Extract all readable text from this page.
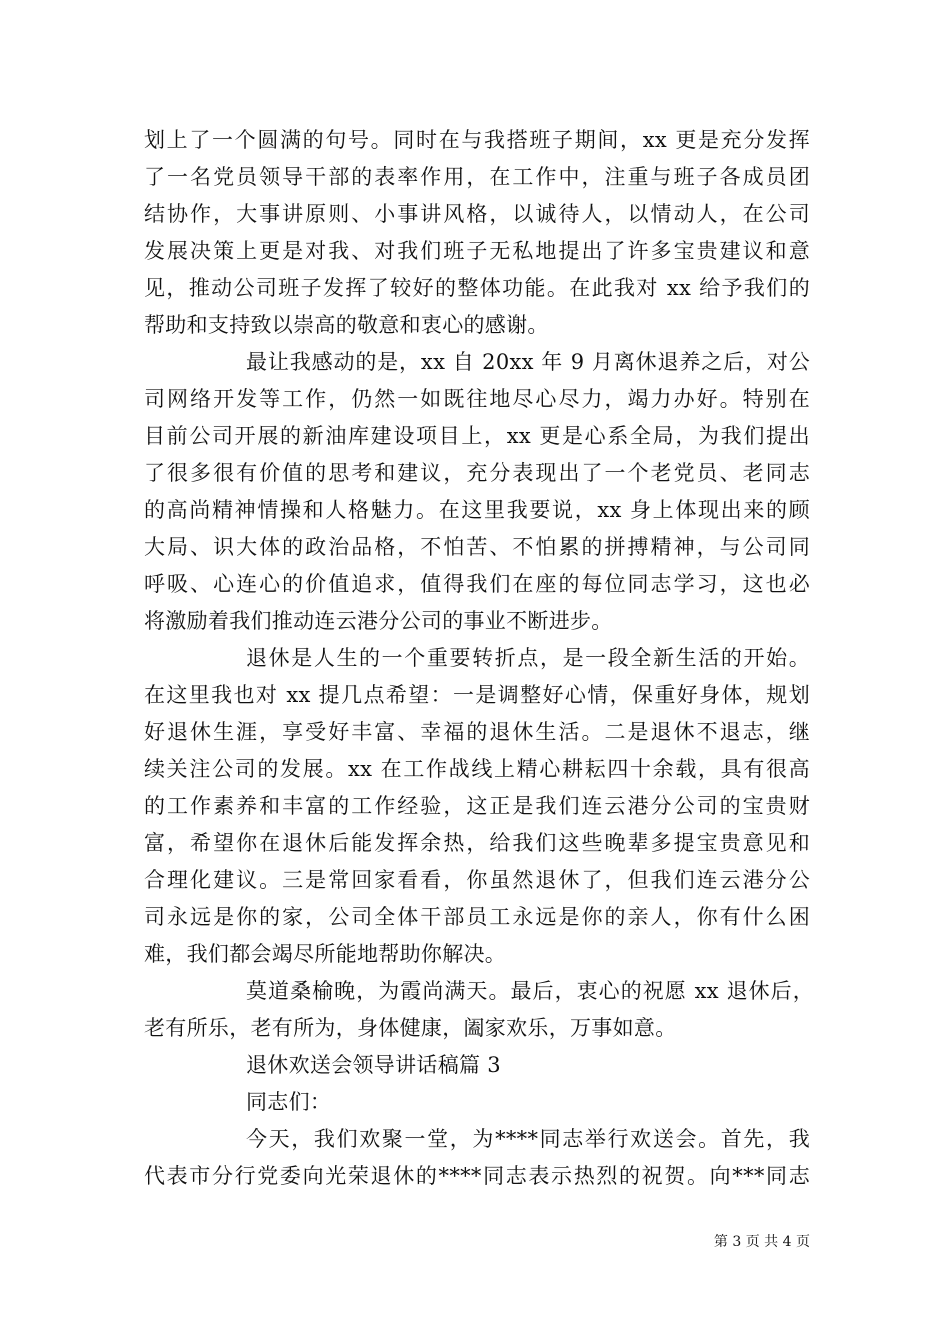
划上了一个圆满的句号。同时在与我搭班子期间，xx 更是充分发挥
了一名党员领导干部的表率作用，在工作中，注重与班子各成员团
结协作，大事讲原则、小事讲风格，以诚待人，以情动人，在公司
发展决策上更是对我、对我们班子无私地提出了许多宝贵建议和意
见，推动公司班子发挥了较好的整体功能。在此我对 xx 给予我们的
帮助和支持致以崇高的敬意和衷心的感谢。
最让我感动的是，xx 自 20xx 年 9 月离休退养之后，对公
司网络开发等工作，仍然一如既往地尽心尽力，竭力办好。特别在
目前公司开展的新油库建设项目上，xx 更是心系全局，为我们提出
了很多很有价值的思考和建议，充分表现出了一个老党员、老同志
的高尚精神情操和人格魅力。在这里我要说，xx 身上体现出来的顾
大局、识大体的政治品格，不怕苦、不怕累的拼搏精神，与公司同
呼吸、心连心的价值追求，值得我们在座的每位同志学习，这也必
将激励着我们推动连云港分公司的事业不断进步。
退休是人生的一个重要转折点，是一段全新生活的开始。
在这里我也对 xx 提几点希望：一是调整好心情，保重好身体，规划
好退休生涯，享受好丰富、幸福的退休生活。二是退休不退志，继
续关注公司的发展。xx 在工作战线上精心耕耘四十余载，具有很高
的工作素养和丰富的工作经验，这正是我们连云港分公司的宝贵财
富，希望你在退休后能发挥余热，给我们这些晚辈多提宝贵意见和
合理化建议。三是常回家看看，你虽然退休了，但我们连云港分公
司永远是你的家，公司全体干部员工永远是你的亲人，你有什么困
难，我们都会竭尽所能地帮助你解决。
莫道桑榆晚，为霞尚满天。最后，衷心的祝愿 xx 退休后，
老有所乐，老有所为，身体健康，阖家欢乐，万事如意。
退休欢送会领导讲话稿篇 3
同志们：
今天，我们欢聚一堂，为****同志举行欢送会。首先，我
代表市分行党委向光荣退休的****同志表示热烈的祝贺。向***同志
第 3 页 共 4 页
